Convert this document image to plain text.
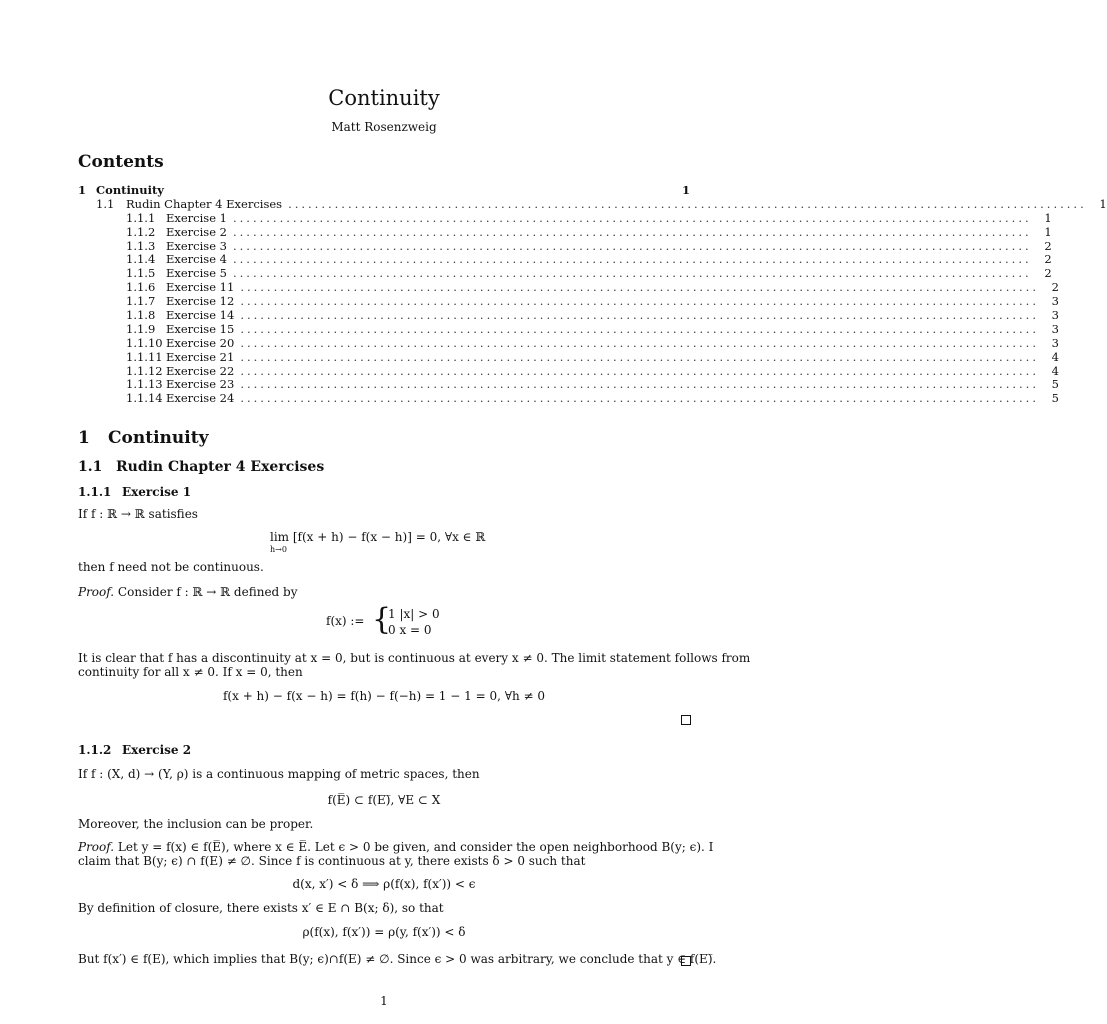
Continuity
Matt Rosenzweig
Contents
1 Continuity	1
1.1	Rudin Chapter 4 Exercises ........................................................................................................................	1
1.1.1 Exercise 1 ........................................................................................................................	1
1.1.2 Exercise 2 ........................................................................................................................	1
1.1.3 Exercise 3 ........................................................................................................................	2
1.1.4 Exercise 4 ........................................................................................................................	2
1.1.5 Exercise 5 ........................................................................................................................	2
1.1.6 Exercise 11 ........................................................................................................................	2
1.1.7 Exercise 12 ........................................................................................................................	3
1.1.8 Exercise 14 ........................................................................................................................	3
1.1.9 Exercise 15 ........................................................................................................................	3
1.1.10 Exercise 20 ........................................................................................................................	3
1.1.11 Exercise 21 ........................................................................................................................	4
1.1.12 Exercise 22 ........................................................................................................................	4
1.1.13 Exercise 23 ........................................................................................................................	5
1.1.14 Exercise 24 ........................................................................................................................	5
1 Continuity
1.1 Rudin Chapter 4 Exercises
1.1.1 Exercise 1
If f : ℝ → ℝ satisfies
lim [f(x + h) − f(x − h)] = 0, ∀x ∈ ℝ
h→0
then f need not be continuous.
Proof. Consider f : ℝ → ℝ defined by
f(x) := {
1 |x| > 0
0 x = 0
It is clear that f has a discontinuity at x = 0, but is continuous at every x ≠ 0. The limit statement follows from
continuity for all x ≠ 0. If x = 0, then
f(x + h) − f(x − h) = f(h) − f(−h) = 1 − 1 = 0, ∀h ≠ 0
1.1.2 Exercise 2
If f : (X, d) → (Y, ρ) is a continuous mapping of metric spaces, then
f(E̅) ⊂ f(E)̅, ∀E ⊂ X
Moreover, the inclusion can be proper.
Proof. Let y = f(x) ∈ f(E̅), where x ∈ E̅. Let ϵ > 0 be given, and consider the open neighborhood B(y; ϵ). I
claim that B(y; ϵ) ∩ f(E) ≠ ∅. Since f is continuous at y, there exists δ > 0 such that
d(x, x′) < δ ⟹ ρ(f(x), f(x′)) < ϵ
By definition of closure, there exists x′ ∈ E ∩ B(x; δ), so that
ρ(f(x), f(x′)) = ρ(y, f(x′)) < δ
But f(x′) ∈ f(E), which implies that B(y; ϵ)∩f(E) ≠ ∅. Since ϵ > 0 was arbitrary, we conclude that y ∈ f(E)̅.
1
